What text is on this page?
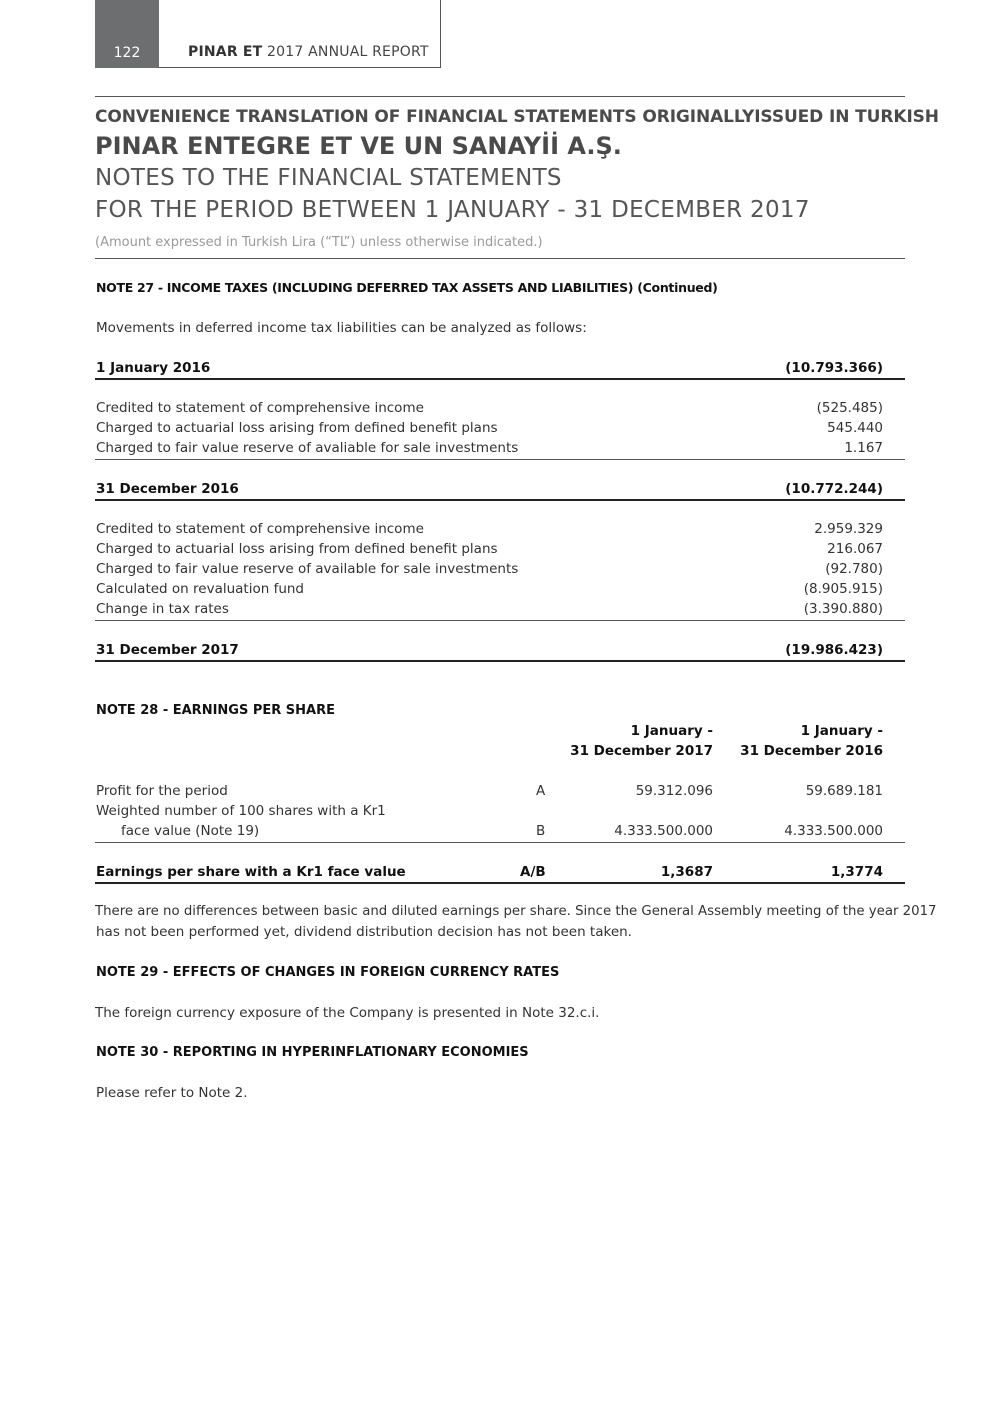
122	PINAR ET 2017 ANNUAL REPORT
CONVENIENCE TRANSLATION OF FINANCIAL STATEMENTS ORIGINALLYISSUED IN TURKISH
PINAR ENTEGRE ET VE UN SANAYİİ A.Ş.
NOTES TO THE FINANCIAL STATEMENTS
FOR THE PERIOD BETWEEN 1 JANUARY - 31 DECEMBER 2017
(Amount expressed in Turkish Lira (“TL”) unless otherwise indicated.)
NOTE 27 - INCOME TAXES (INCLUDING DEFERRED TAX ASSETS AND LIABILITIES) (Continued)
Movements in deferred income tax liabilities can be analyzed as follows:
1 January 2016	(10.793.366)
Credited to statement of comprehensive income	(525.485)
Charged to actuarial loss arising from defined benefit plans	545.440
Charged to fair value reserve of avaliable for sale investments	1.167
31 December 2016	(10.772.244)
Credited to statement of comprehensive income	2.959.329
Charged to actuarial loss arising from defined benefit plans	216.067
Charged to fair value reserve of available for sale investments	(92.780)
Calculated on revaluation fund	(8.905.915)
Change in tax rates	(3.390.880)
31 December 2017	(19.986.423)
NOTE 28 - EARNINGS PER SHARE
1 January -
31 December 2017
1 January -
31 December 2016
Profit for the period	A	59.312.096	59.689.181
Weighted number of 100 shares with a Kr1
face value (Note 19)	B	4.333.500.000	4.333.500.000
Earnings per share with a Kr1 face value	A/B	1,3687	1,3774
There are no differences between basic and diluted earnings per share. Since the General Assembly meeting of the year 2017
has not been performed yet, dividend distribution decision has not been taken.
NOTE 29 - EFFECTS OF CHANGES IN FOREIGN CURRENCY RATES
The foreign currency exposure of the Company is presented in Note 32.c.i.
NOTE 30 - REPORTING IN HYPERINFLATIONARY ECONOMIES
Please refer to Note 2.
